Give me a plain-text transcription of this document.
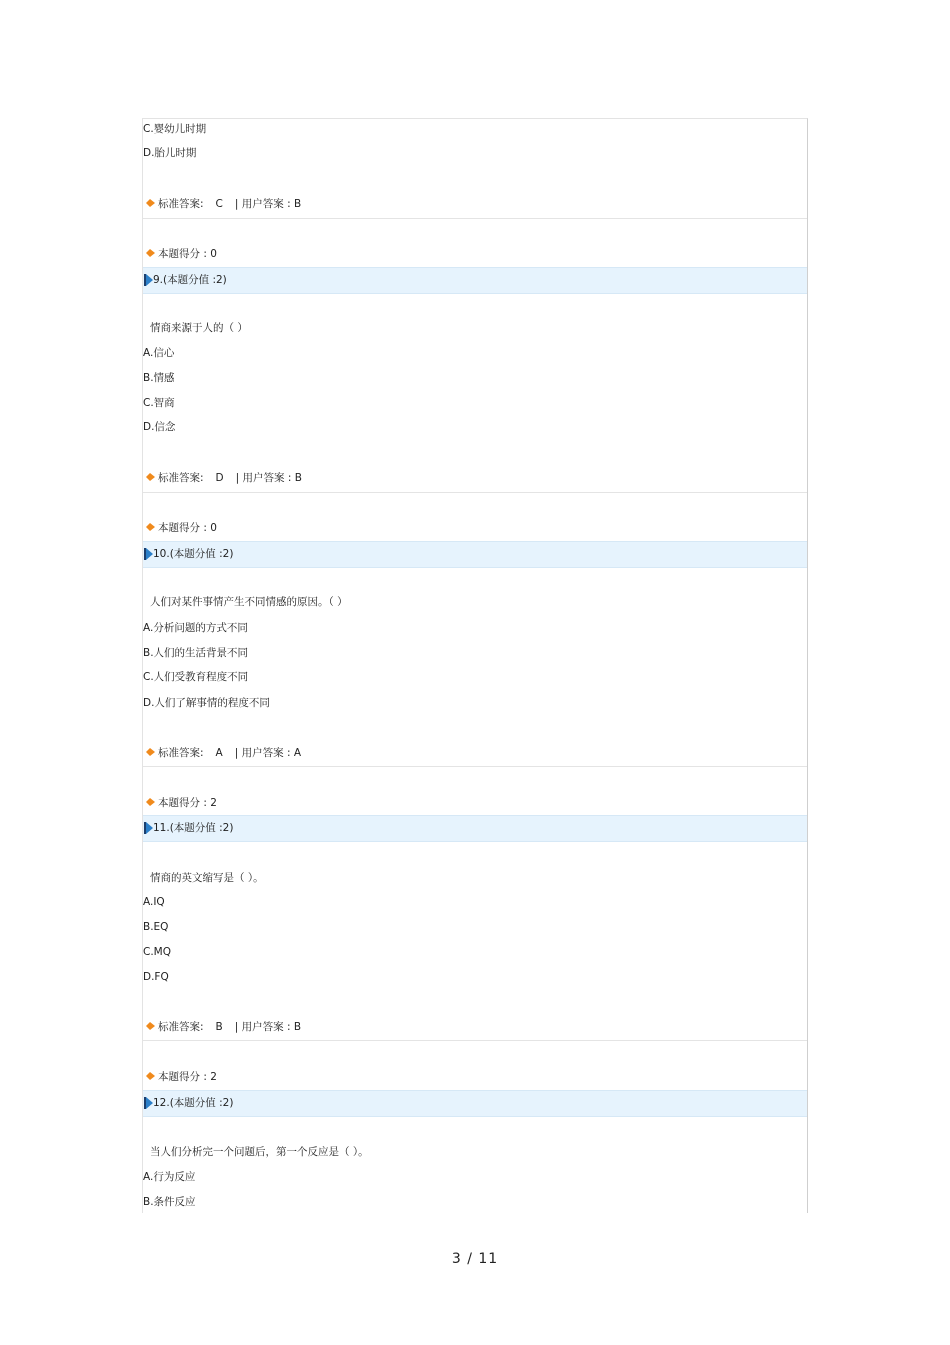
C.婴幼儿时期
D.胎儿时期
标准答案: C | 用户答案 : B
本题得分 : 0
9.(本题分值 :2)
情商来源于人的（ ）
A.信心
B.情感
C.智商
D.信念
标准答案: D | 用户答案 : B
本题得分 : 0
10.(本题分值 :2)
人们对某件事情产生不同情感的原因。（ ）
A.分析问题的方式不同
B.人们的生活背景不同
C.人们受教育程度不同
D.人们了解事情的程度不同
标准答案: A | 用户答案 : A
本题得分 : 2
11.(本题分值 :2)
情商的英文缩写是（ ）。
A.IQ
B.EQ
C.MQ
D.FQ
标准答案: B | 用户答案 : B
本题得分 : 2
12.(本题分值 :2)
当人们分析完一个问题后，第一个反应是（ ）。
A.行为反应
B.条件反应
3 / 11
